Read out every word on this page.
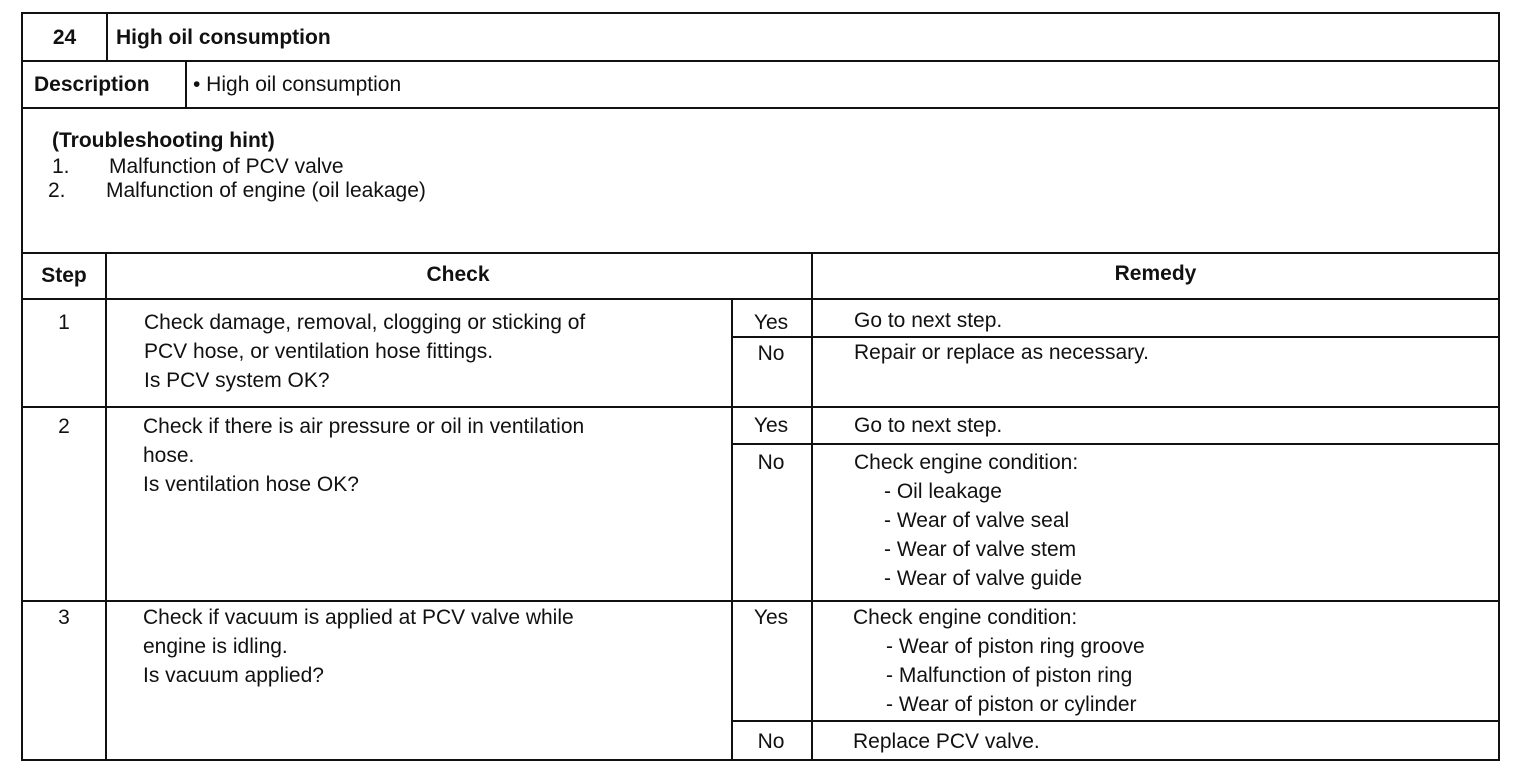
24	High oil consumption
Description • High oil consumption
(Troubleshooting hint)
1. Malfunction of PCV valve
2. Malfunction of engine (oil leakage)
Step	Check	Remedy
1	Check damage, removal, clogging or sticking of
PCV hose, or ventilation hose fittings.
Is PCV system OK?
Yes	Go to next step.
No	Repair or replace as necessary.
2	Check if there is air pressure or oil in ventilation
hose.
Is ventilation hose OK?
Yes	Go to next step.
No	Check engine condition:
- Oil leakage
- Wear of valve seal
- Wear of valve stem
- Wear of valve guide
3	Check if vacuum is applied at PCV valve while
engine is idling.
Is vacuum applied?
Yes	Check engine condition:
- Wear of piston ring groove
- Malfunction of piston ring
- Wear of piston or cylinder
No	Replace PCV valve.
